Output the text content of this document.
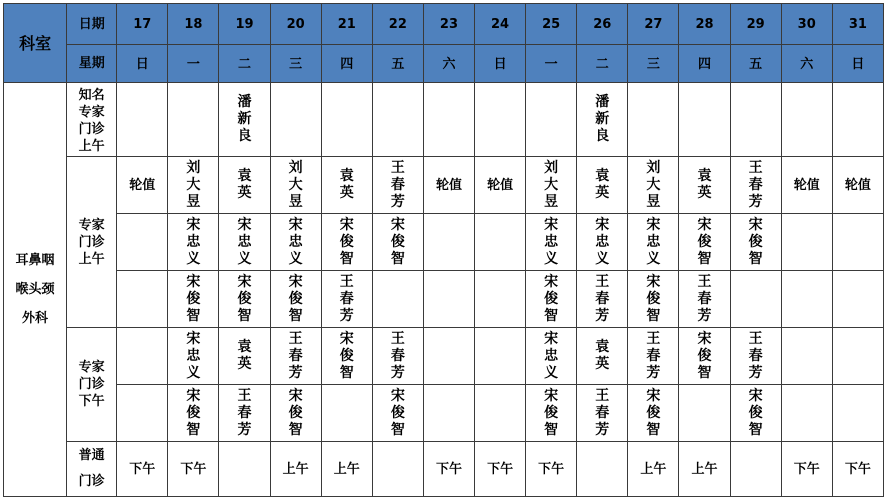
科室	日期	17	18	19	20	21	22	23	24	25	26	27	28	29	30	31
	星期	日	一	二	三	四	五	六	日	一	二	三	四	五	六	日
耳鼻咽喉头颈外科	知名专家门诊上午			潘新良							潘新良					
	专家门诊上午	轮值	刘大昱	袁英	刘大昱	袁英	王春芳	轮值	轮值	刘大昱	袁英	刘大昱	袁英	王春芳	轮值	轮值
			宋忠义	宋忠义	宋忠义	宋俊智	宋俊智			宋忠义	宋忠义	宋忠义	宋俊智	宋俊智		
			宋俊智	宋俊智	宋俊智	王春芳				宋俊智	王春芳	宋俊智	王春芳			
	专家门诊下午		宋忠义	袁英	王春芳	宋俊智	王春芳			宋忠义	袁英	王春芳	宋俊智	王春芳		
			宋俊智	王春芳	宋俊智		宋俊智			宋俊智	王春芳	宋俊智		宋俊智		
	普通门诊	下午	下午		上午	上午		下午	下午	下午		上午	上午		下午	下午
